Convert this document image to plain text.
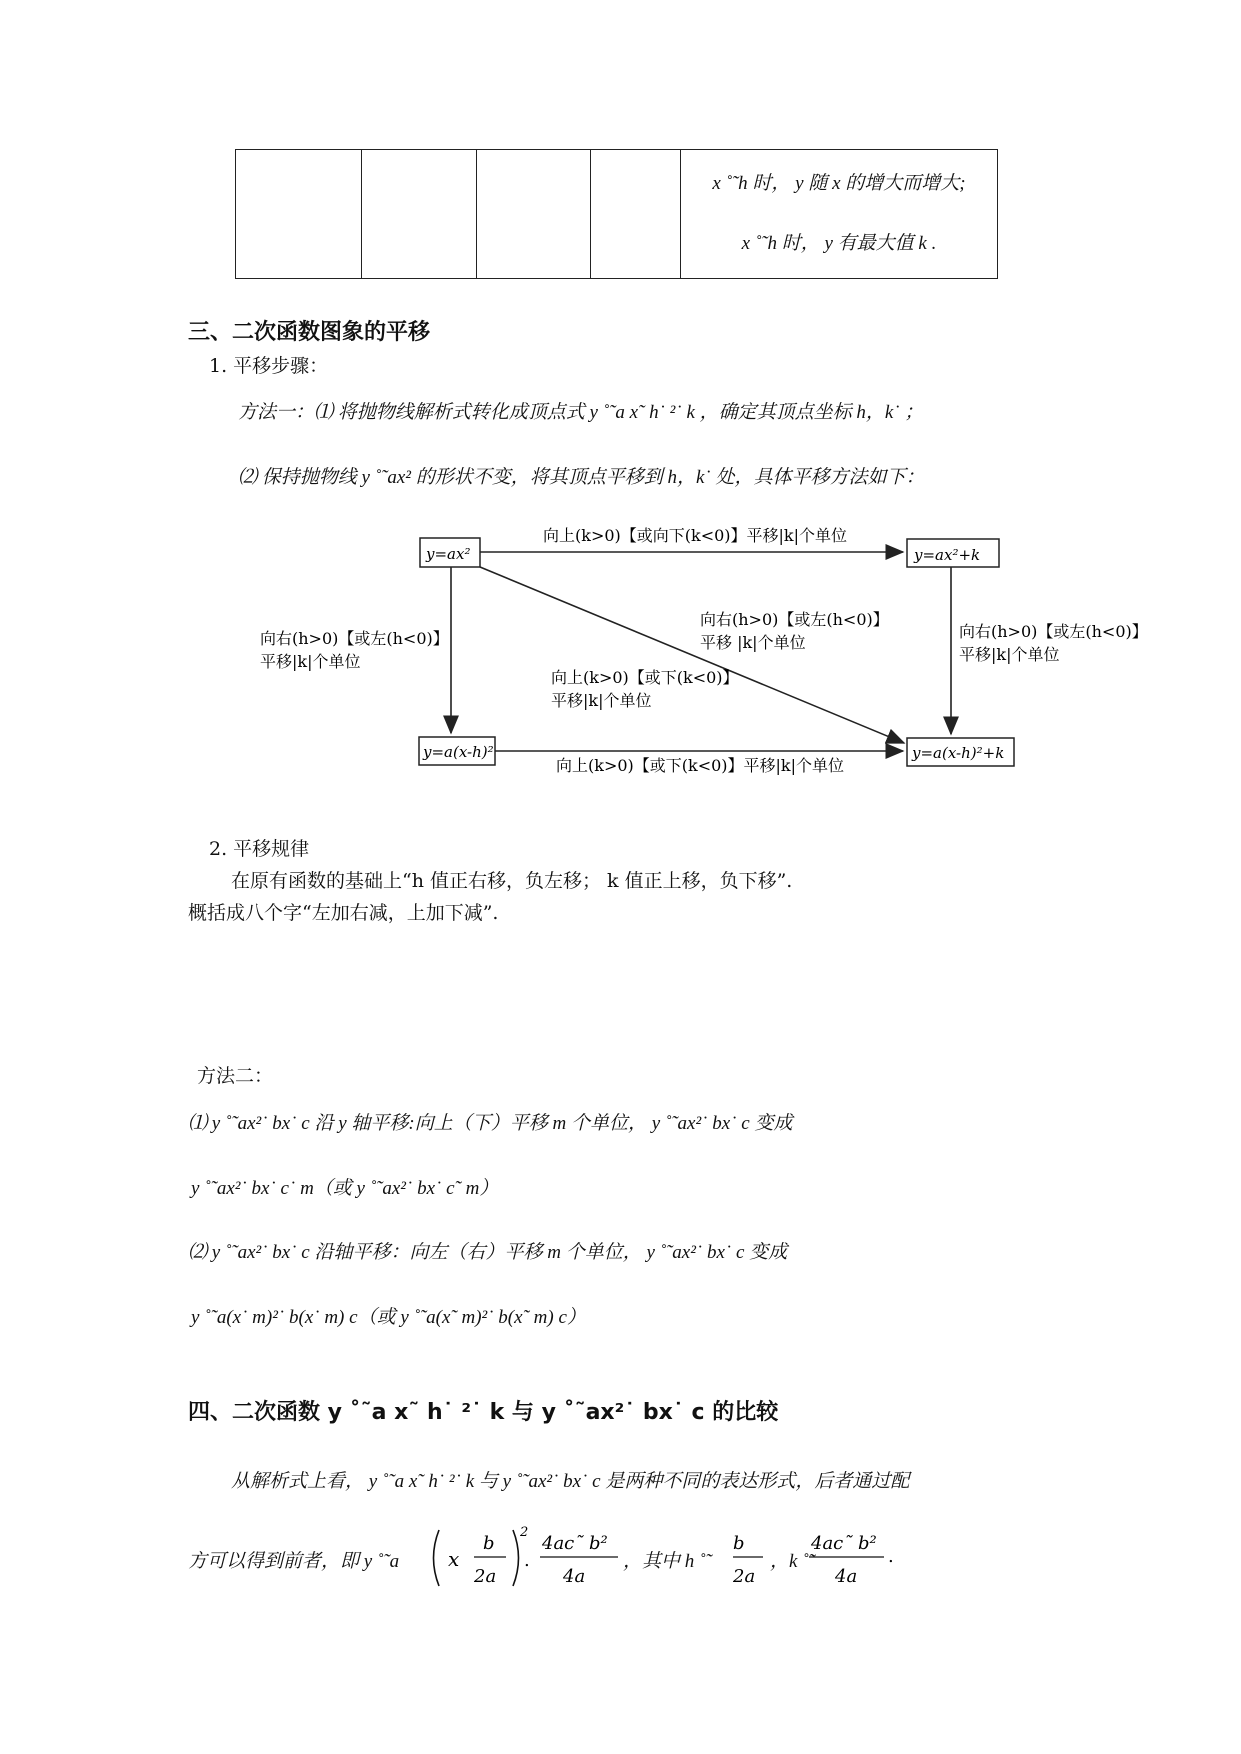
x ˚˜h 时， y 随 x 的增大而增大;
x ˚˜h 时， y 有最大值 k .
三、二次函数图象的平移
1. 平移步骤：
方法一：⑴ 将抛物线解析式转化成顶点式 y ˚˜a x˜ h˙ ²˙ k ，确定其顶点坐标 h，k˙ ；
⑵ 保持抛物线 y ˚˜ax² 的形状不变，将其顶点平移到 h，k˙ 处，具体平移方法如下：
y=ax²	y=ax²+k
y=a(x-h)²	y=a(x-h)²+k
向上(k>0)【或向下(k<0)】平移|k|个单位
向右(h>0)【或左(h<0)】
平移|k|个单位
向右(h>0)【或左(h<0)】
平移|k|个单位
向右(h>0)【或左(h<0)】
平移 |k|个单位
向上(k>0)【或下(k<0)】
平移|k|个单位
向上(k>0)【或下(k<0)】平移|k|个单位
2. 平移规律
在原有函数的基础上“h 值正右移，负左移； k 值正上移，负下移”.
概括成八个字“左加右减，上加下减”.
方法二：
⑴ y ˚˜ax²˙ bx˙ c 沿 y 轴平移:向上（下）平移 m 个单位， y ˚˜ax²˙ bx˙ c 变成
y ˚˜ax²˙ bx˙ c˙ m（或 y ˚˜ax²˙ bx˙ c˜ m）
⑵ y ˚˜ax²˙ bx˙ c 沿轴平移：向左（右）平移 m 个单位， y ˚˜ax²˙ bx˙ c 变成
y ˚˜a(x˙ m)²˙ b(x˙ m) c（或 y ˚˜a(x˜ m)²˙ b(x˜ m) c）
四、二次函数 y ˚˜a x˜ h˙ ²˙ k 与 y ˚˜ax²˙ bx˙ c 的比较
从解析式上看， y ˚˜a x˜ h˙ ²˙ k 与 y ˚˜ax²˙ bx˙ c 是两种不同的表达形式，后者通过配
方可以得到前者，即 y ˚˜a x
b
2a
2
.
4ac˜ b²
4a
b
2a
4ac˜ b²
4a
.
，其中 h ˚˜	，k ˚˜
